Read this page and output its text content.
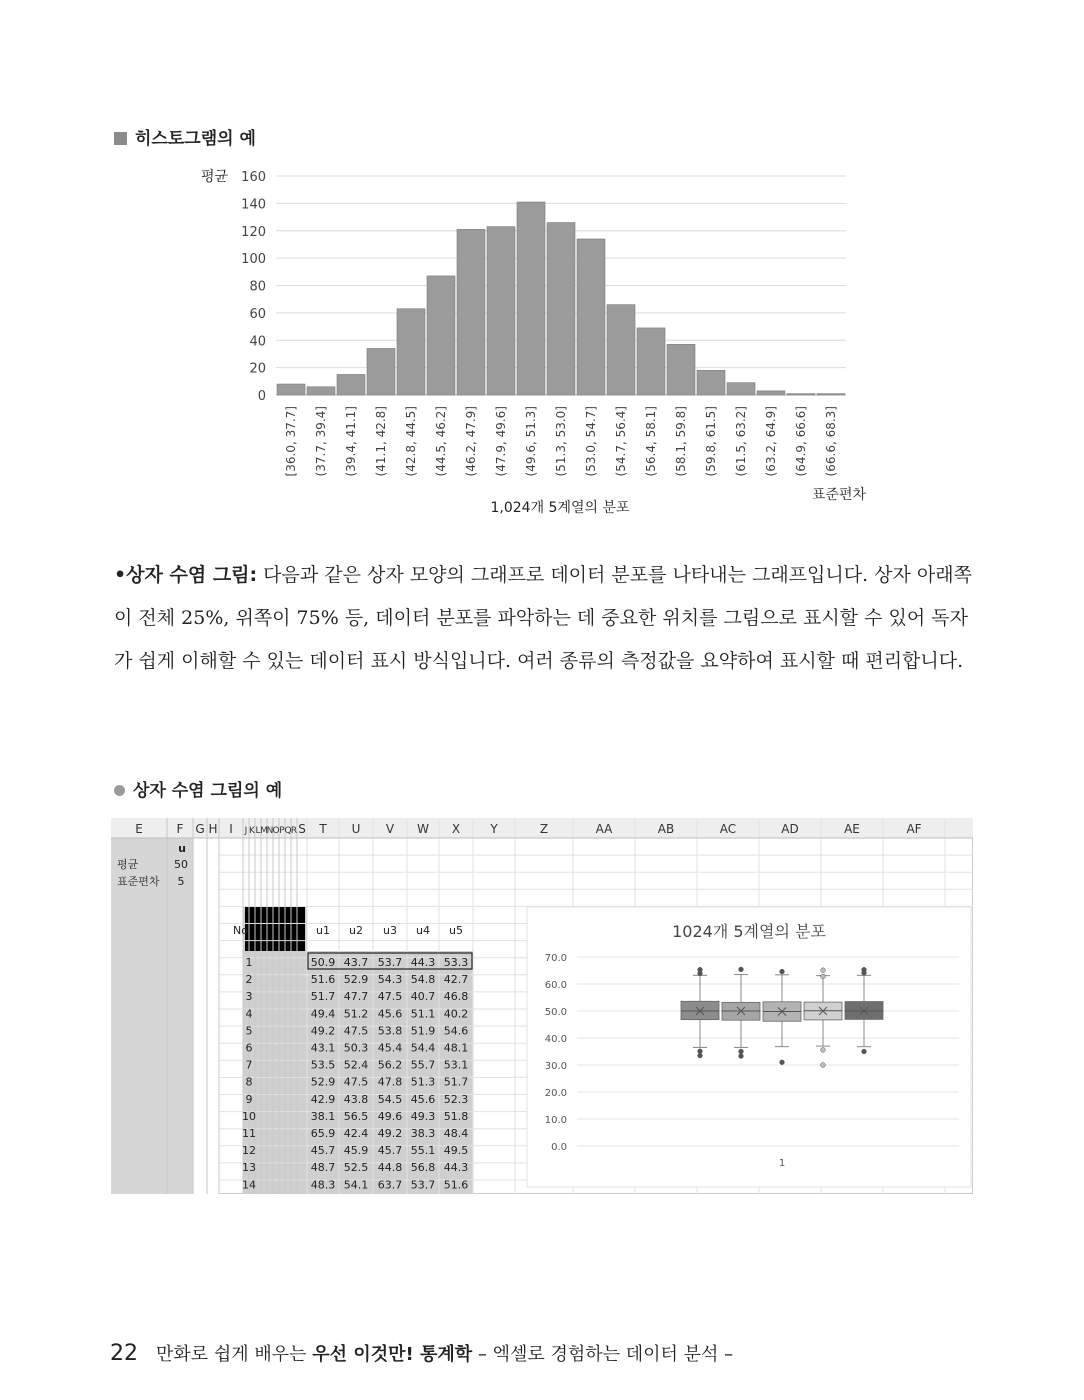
히스토그램의 예
평균
0
20
40
60
80
100
120
140
160
[36.0, 37.7] (37.7, 39.4] (39.4, 41.1] (41.1, 42.8] (42.8, 44.5] (44.5, 46.2] (46.2, 47.9] (47.9, 49.6] (49.6, 51.3] (51.3, 53.0] (53.0, 54.7] (54.7, 56.4] (56.4, 58.1] (58.1, 59.8] (59.8, 61.5] (61.5, 63.2] (63.2, 64.9] (64.9, 66.6] (66.6, 68.3]
1,024개 5계열의 분포
표준편차
•상자 수염 그림: 다음과 같은 상자 모양의 그래프로 데이터 분포를 나타내는 그래프입니다. 상자 아래쪽이 전체 25%, 위쪽이 75% 등, 데이터 분포를 파악하는 데 중요한 위치를 그림으로 표시할 수 있어 독자가 쉽게 이해할 수 있는 데이터 표시 방식입니다. 여러 종류의 측정값을 요약하여 표시할 때 편리합니다.
상자 수염 그림의 예
E	F G H I J K L M
N O P Q R S T U V W X	Y	Z	AA	AB	AC	AD	AE	AF
u
평균	50
표준편차 5
No	u1 u2 u3 u4 u5
1	50.9 43.7 53.7 44.3 53.3
2	51.6 52.9 54.3 54.8 42.7
3	51.7 47.7 47.5 40.7 46.8
4	49.4 51.2 45.6 51.1 40.2
5	49.2 47.5 53.8 51.9 54.6
6	43.1 50.3 45.4 54.4 48.1
7	53.5 52.4 56.2 55.7 53.1
8	52.9 47.5 47.8 51.3 51.7
9	42.9 43.8 54.5 45.6 52.3
10	38.1 56.5 49.6 49.3 51.8
11	65.9 42.4 49.2 38.3 48.4
12	45.7 45.9 45.7 55.1 49.5
13	48.7 52.5 44.8 56.8 44.3
14	48.3 54.1 63.7 53.7 51.6
1024개 5계열의 분포
0.0
10.0
20.0
30.0
40.0
50.0
60.0
70.0
1
22 만화로 쉽게 배우는 우선 이것만! 통계학 – 엑셀로 경험하는 데이터 분석 –
